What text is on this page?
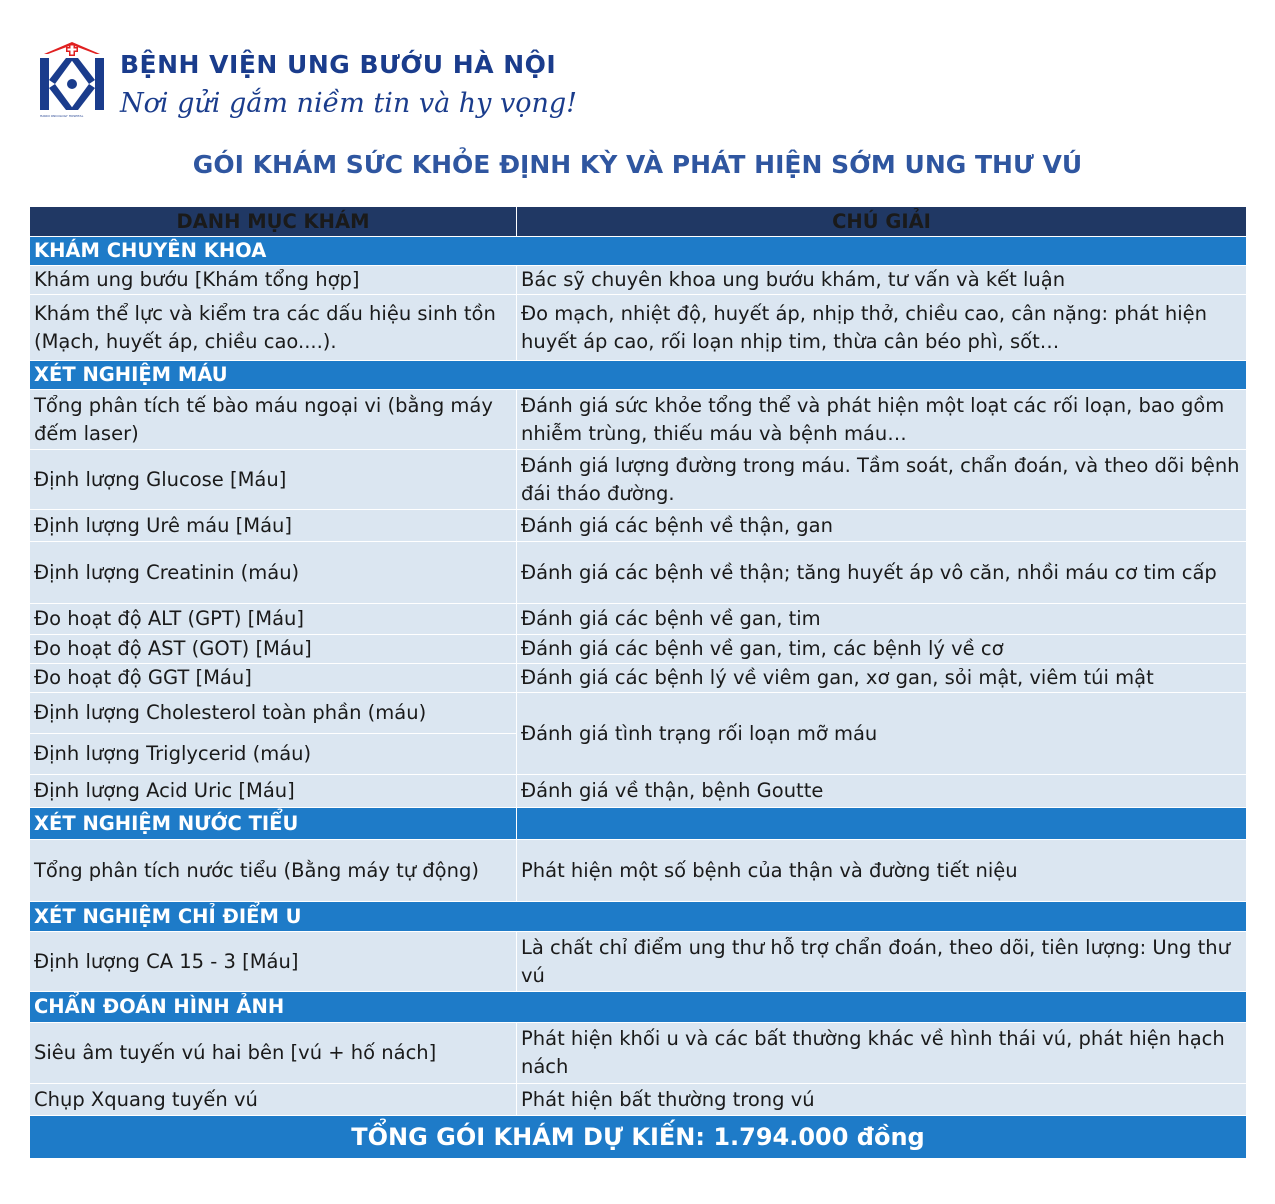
HANOI ONCOLOGY HOSPITAL
BỆNH VIỆN UNG BƯỚU HÀ NỘI
Nơi gửi gắm niềm tin và hy vọng!
GÓI KHÁM SỨC KHỎE ĐỊNH KỲ VÀ PHÁT HIỆN SỚM UNG THƯ VÚ
DANH MỤC KHÁM	CHÚ GIẢI
KHÁM CHUYÊN KHOA	
Khám ung bướu [Khám tổng hợp]	Bác sỹ chuyên khoa ung bướu khám, tư vấn và kết luận
Khám thể lực và kiểm tra các dấu hiệu sinh tồn (Mạch, huyết áp, chiều cao....).	Đo mạch, nhiệt độ, huyết áp, nhịp thở, chiều cao, cân nặng: phát hiện huyết áp cao, rối loạn nhịp tim, thừa cân béo phì, sốt…
XÉT NGHIỆM MÁU	
Tổng phân tích tế bào máu ngoại vi (bằng máy đếm laser)	Đánh giá sức khỏe tổng thể và phát hiện một loạt các rối loạn, bao gồm nhiễm trùng, thiếu máu và bệnh máu…
Định lượng Glucose [Máu]	Đánh giá lượng đường trong máu. Tầm soát, chẩn đoán, và theo dõi bệnh đái tháo đường.
Định lượng Urê máu [Máu]	Đánh giá các bệnh về thận, gan
Định lượng Creatinin (máu)	Đánh giá các bệnh về thận; tăng huyết áp vô căn, nhồi máu cơ tim cấp
Đo hoạt độ ALT (GPT) [Máu]	Đánh giá các bệnh về gan, tim
Đo hoạt độ AST (GOT) [Máu]	Đánh giá các bệnh về gan, tim, các bệnh lý về cơ
Đo hoạt độ GGT [Máu]	Đánh giá các bệnh lý về viêm gan, xơ gan, sỏi mật, viêm túi mật
Định lượng Cholesterol toàn phần (máu)	Đánh giá tình trạng rối loạn mỡ máu
Định lượng Triglycerid (máu)	
Định lượng Acid Uric [Máu]	Đánh giá về thận, bệnh Goutte
XÉT NGHIỆM NƯỚC TIỂU	
Tổng phân tích nước tiểu (Bằng máy tự động)	Phát hiện một số bệnh của thận và đường tiết niệu
XÉT NGHIỆM CHỈ ĐIỂM U	
Định lượng CA 15 - 3 [Máu]	Là chất chỉ điểm ung thư hỗ trợ chẩn đoán, theo dõi, tiên lượng: Ung thư vú
CHẨN ĐOÁN HÌNH ẢNH	
Siêu âm tuyến vú hai bên [vú + hố nách]	Phát hiện khối u và các bất thường khác về hình thái vú, phát hiện hạch nách
Chụp Xquang tuyến vú	Phát hiện bất thường trong vú
TỔNG GÓI KHÁM DỰ KIẾN: 1.794.000 đồng	
